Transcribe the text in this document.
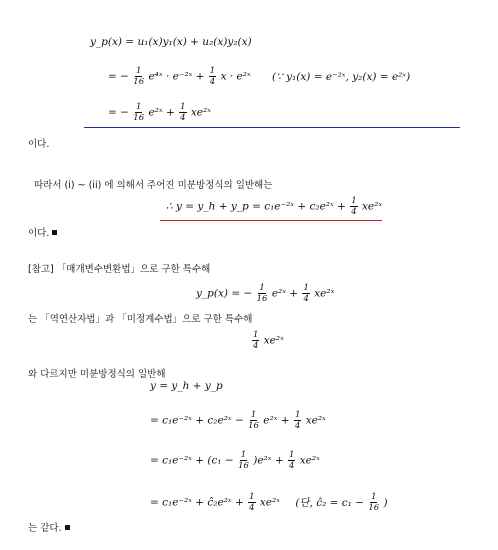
y_p(x) = u₁(x)y₁(x) + u₂(x)y₂(x)
= − $\frac{1}{16}$ e⁴ˣ · e⁻²ˣ + $\frac{1}{4}$ x · e²ˣ (∵ y₁(x) = e⁻²ˣ, y₂(x) = e²ˣ)
= − $\frac{1}{16}$ e²ˣ + $\frac{1}{4}$ xe²ˣ
이다.
따라서 (i) ~ (ii) 에 의해서 주어진 미분방정식의 일반해는
∴ y = y_h + y_p = c₁e⁻²ˣ + c₂e²ˣ + $\frac{1}{4}$ xe²ˣ
이다.
[참고] 「매개변수변환법」으로 구한 특수해
y_p(x) = − $\frac{1}{16}$ e²ˣ + $\frac{1}{4}$ xe²ˣ
는 「역연산자법」과 「미정계수법」으로 구한 특수해
$\frac{1}{4}$ xe²ˣ
와 다르지만 미분방정식의 일반해
y = y_h + y_p
= c₁e⁻²ˣ + c₂e²ˣ − $\frac{1}{16}$ e²ˣ + $\frac{1}{4}$ xe²ˣ
= c₁e⁻²ˣ + ($c_1 - \frac{1}{16}$ )e²ˣ + $\frac{1}{4}$ xe²ˣ
= c₁e⁻²ˣ + ĉ₂e²ˣ + $\frac{1}{4}$ xe²ˣ (단, ĉ₂ = $c_1 - \frac{1}{16}$ )
는 같다.
